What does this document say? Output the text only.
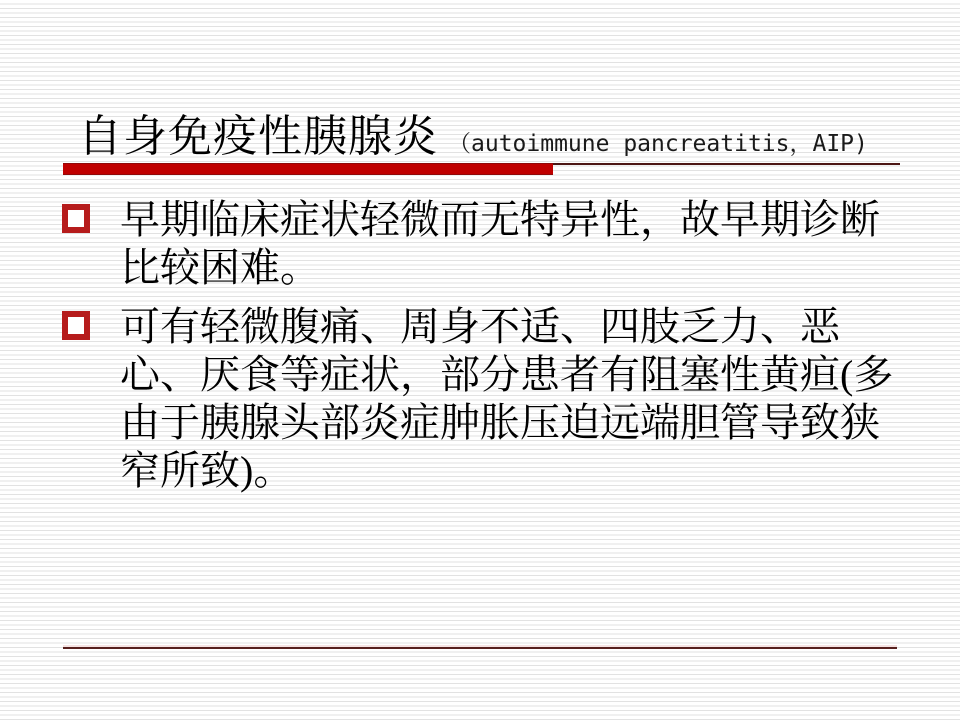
自身免疫性胰腺炎 （autoimmune pancreatitis，AIP)
早期临床症状轻微而无特异性，故早期诊断比较困难。
可有轻微腹痛、周身不适、四肢乏力、恶心、厌食等症状，部分患者有阻塞性黄疸(多由于胰腺头部炎症肿胀压迫远端胆管导致狭窄所致)。
